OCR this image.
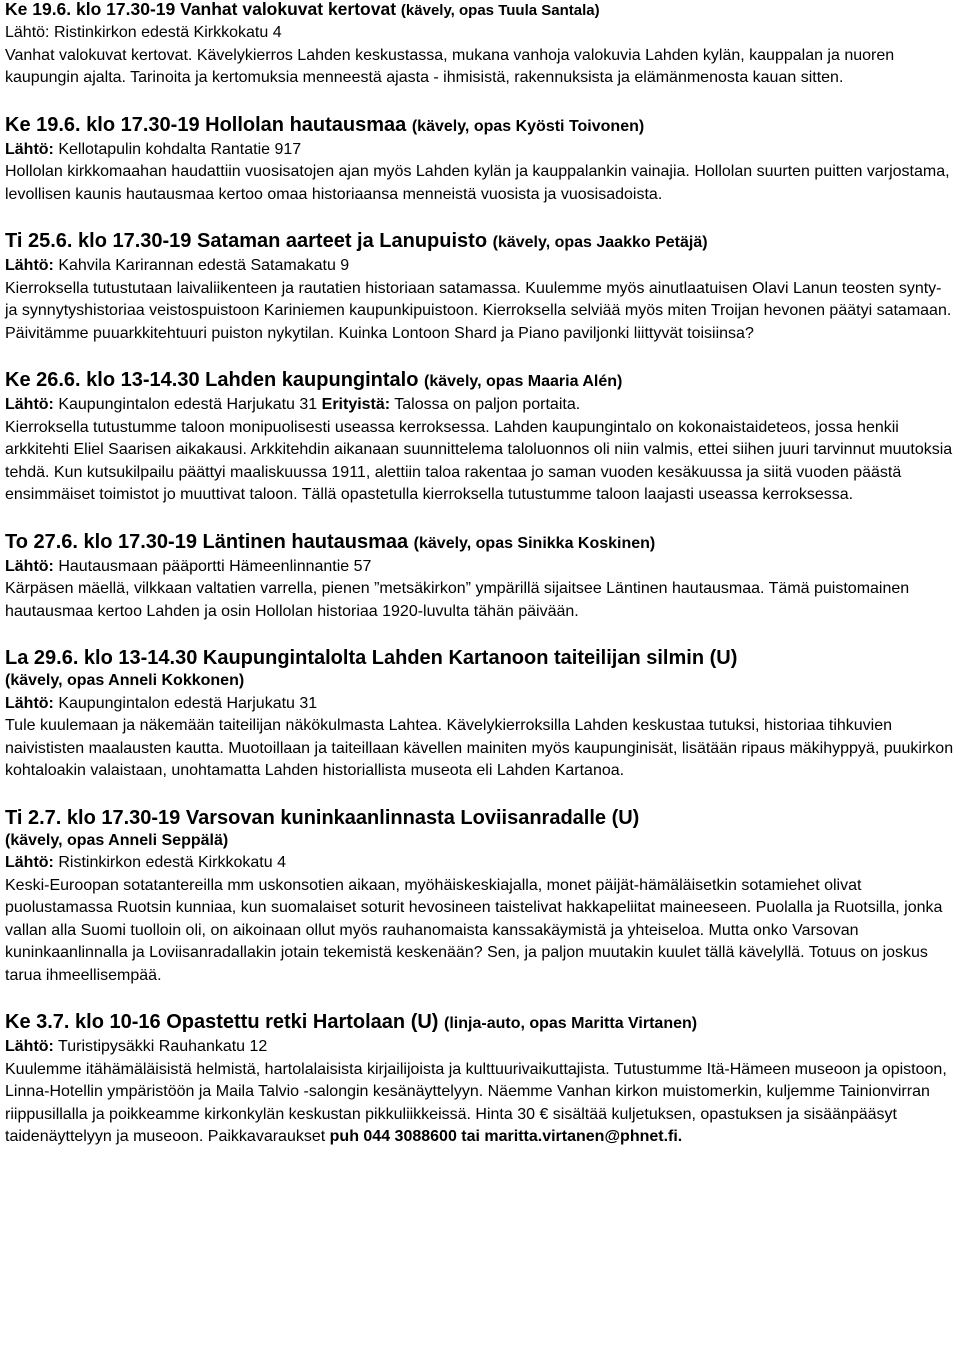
Ke 19.6. klo 17.30-19 Vanhat valokuvat kertovat (kävely, opas Tuula Santala)

Lähtö: Ristinkirkon edestä Kirkkokatu 4

Vanhat valokuvat kertovat. Kävelykierros Lahden keskustassa, mukana vanhoja valokuvia Lahden kylän, kauppalan ja nuoren kaupungin ajalta. Tarinoita ja kertomuksia menneestä ajasta - ihmisistä, rakennuksista ja elämänmenosta kauan sitten.

Ke 19.6. klo 17.30-19 Hollolan hautausmaa (kävely, opas Kyösti Toivonen)

Lähtö: Kellotapulin kohdalta Rantatie 917

Hollolan kirkkomaahan haudattiin vuosisatojen ajan myös Lahden kylän ja kauppalankin vainajia. Hollolan suurten puitten varjostama, levollisen kaunis hautausmaa kertoo omaa historiaansa menneistä vuosista ja vuosisadoista.

Ti 25.6. klo 17.30-19 Sataman aarteet ja Lanupuisto (kävely, opas Jaakko Petäjä)

Lähtö: Kahvila Karirannan edestä Satamakatu 9

Kierroksella tutustutaan laivaliikenteen ja rautatien historiaan satamassa. Kuulemme myös ainutlaatuisen Olavi Lanun teosten synty- ja synnytyshistoriaa veistospuistoon Kariniemen kaupunkipuistoon. Kierroksella selviää myös miten Troijan hevonen päätyi satamaan. Päivitämme puuarkkitehtuuri puiston nykytilan. Kuinka Lontoon Shard ja Piano paviljonki liittyvät toisiinsa?

Ke 26.6. klo 13-14.30 Lahden kaupungintalo (kävely, opas Maaria Alén)

Lähtö: Kaupungintalon edestä Harjukatu 31 Erityistä: Talossa on paljon portaita.

Kierroksella tutustumme taloon monipuolisesti useassa kerroksessa. Lahden kaupungintalo on kokonaistaideteos, jossa henkii arkkitehti Eliel Saarisen aikakausi. Arkkitehdin aikanaan suunnittelema taloluonnos oli niin valmis, ettei siihen juuri tarvinnut muutoksia tehdä. Kun kutsukilpailu päättyi maaliskuussa 1911, alettiin taloa rakentaa jo saman vuoden kesäkuussa ja siitä vuoden päästä ensimmäiset toimistot jo muuttivat taloon. Tällä opastetulla kierroksella tutustumme taloon laajasti useassa kerroksessa.

To 27.6. klo 17.30-19 Läntinen hautausmaa (kävely, opas Sinikka Koskinen)

Lähtö: Hautausmaan pääportti Hämeenlinnantie 57

Kärpäsen mäellä, vilkkaan valtatien varrella, pienen ”metsäkirkon” ympärillä sijaitsee Läntinen hautausmaa. Tämä puistomainen hautausmaa kertoo Lahden ja osin Hollolan historiaa 1920-luvulta tähän päivään.

La 29.6. klo 13-14.30 Kaupungintalolta Lahden Kartanoon taiteilijan silmin (U)

(kävely, opas Anneli Kokkonen)

Lähtö: Kaupungintalon edestä Harjukatu 31

Tule kuulemaan ja näkemään taiteilijan näkökulmasta Lahtea. Kävelykierroksilla Lahden keskustaa tutuksi, historiaa tihkuvien naivististen maalausten kautta. Muotoillaan ja taiteillaan kävellen mainiten myös kaupunginisät, lisätään ripaus mäkihyppyä, puukirkon kohtaloakin valaistaan, unohtamatta Lahden historiallista museota eli Lahden Kartanoa.

Ti 2.7. klo 17.30-19 Varsovan kuninkaanlinnasta Loviisanradalle (U)

(kävely, opas Anneli Seppälä)

Lähtö: Ristinkirkon edestä Kirkkokatu 4

Keski-Euroopan sotatantereilla mm uskonsotien aikaan, myöhäiskeskiajalla, monet päijät-hämäläisetkin sotamiehet olivat puolustamassa Ruotsin kunniaa, kun suomalaiset soturit hevosineen taistelivat hakkapeliitat maineeseen. Puolalla ja Ruotsilla, jonka vallan alla Suomi tuolloin oli, on aikoinaan ollut myös rauhanomaista kanssakäymistä ja yhteiseloa. Mutta onko Varsovan kuninkaanlinnalla ja Loviisanradallakin jotain tekemistä keskenään? Sen, ja paljon muutakin kuulet tällä kävelyllä. Totuus on joskus tarua ihmeellisempää.

Ke 3.7. klo 10-16 Opastettu retki Hartolaan (U) (linja-auto, opas Maritta Virtanen)

Lähtö: Turistipysäkki Rauhankatu 12

Kuulemme itähämäläisistä helmistä, hartolalaisista kirjailijoista ja kulttuurivaikuttajista. Tutustumme Itä-Hämeen museoon ja opistoon, Linna-Hotellin ympäristöön ja Maila Talvio -salongin kesänäyttelyyn. Näemme Vanhan kirkon muistomerkin, kuljemme Tainionvirran riippusillalla ja poikkeamme kirkonkylän keskustan pikkuliikkeissä. Hinta 30 € sisältää kuljetuksen, opastuksen ja sisäänpääsyt taidenäyttelyyn ja museoon. Paikkavaraukset puh 044 3088600 tai maritta.virtanen@phnet.fi.
